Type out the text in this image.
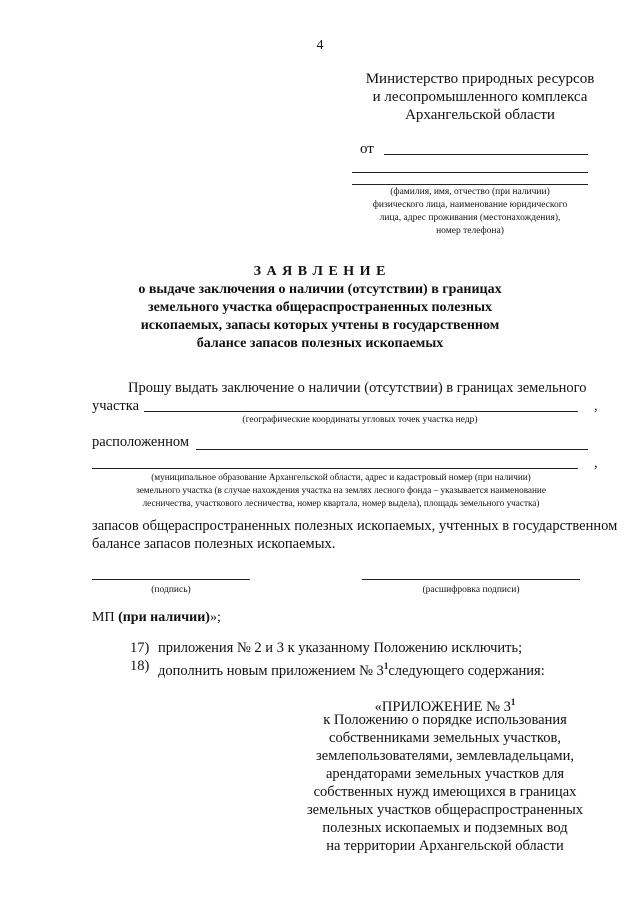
4
Министерство природных ресурсов
и лесопромышленного комплекса
Архангельской области
от
(фамилия, имя, отчество (при наличии)
физического лица, наименование юридического
лица, адрес проживания (местонахождения),
номер телефона)
З А Я В Л Е Н И Е
о выдаче заключения о наличии (отсутствии) в границах
земельного участка общераспространенных полезных
ископаемых, запасы которых учтены в государственном
балансе запасов полезных ископаемых
Прошу выдать заключение о наличии (отсутствии) в границах земельного
участка	,
(географические координаты угловых точек участка недр)
расположенном
,
(муниципальное образование Архангельской области, адрес и кадастровый номер (при наличии)
земельного участка (в случае нахождения участка на землях лесного фонда – указывается наименование
лесничества, участкового лесничества, номер квартала, номер выдела), площадь земельного участка)
запасов общераспространенных полезных ископаемых, учтенных в государственном
балансе запасов полезных ископаемых.
(подпись)	(расшифровка подписи)
МП (при наличии)»;
17) приложения № 2 и 3 к указанному Положению исключить;
18) дополнить новым приложением № $3^1следующего$ содержания:
«ПРИЛОЖЕНИЕ № $3^1$
к Положению о порядке использования
собственниками земельных участков,
землепользователями, землевладельцами,
арендаторами земельных участков для
собственных нужд имеющихся в границах
земельных участков общераспространенных
полезных ископаемых и подземных вод
на территории Архангельской области
